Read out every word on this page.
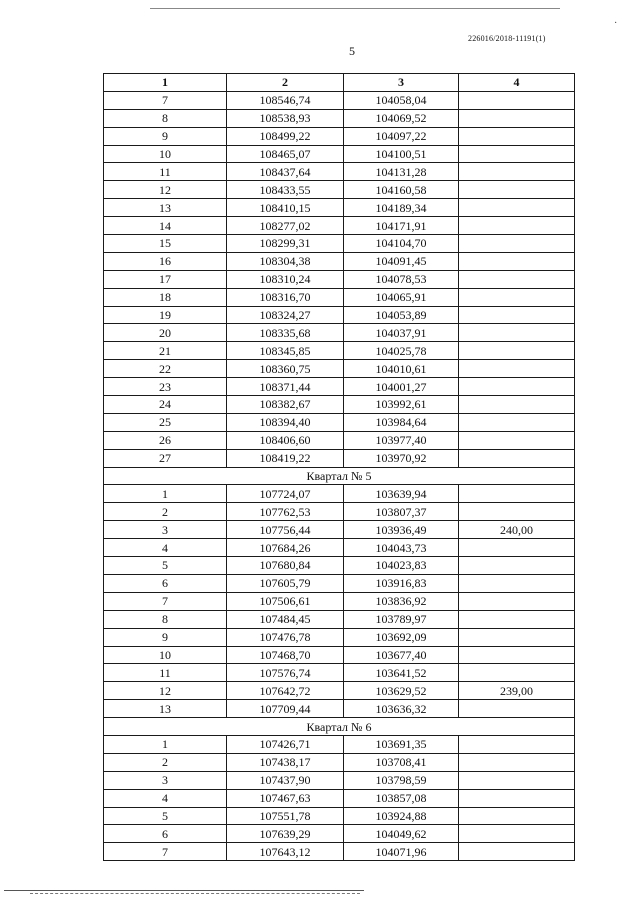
·
226016/2018-11191(1)
5
1	2	3	4
7	108546,74	104058,04	
8	108538,93	104069,52	
9	108499,22	104097,22	
10	108465,07	104100,51	
11	108437,64	104131,28	
12	108433,55	104160,58	
13	108410,15	104189,34	
14	108277,02	104171,91	
15	108299,31	104104,70	
16	108304,38	104091,45	
17	108310,24	104078,53	
18	108316,70	104065,91	
19	108324,27	104053,89	
20	108335,68	104037,91	
21	108345,85	104025,78	
22	108360,75	104010,61	
23	108371,44	104001,27	
24	108382,67	103992,61	
25	108394,40	103984,64	
26	108406,60	103977,40	
27	108419,22	103970,92	
Квартал № 5			
1	107724,07	103639,94	
2	107762,53	103807,37	
3	107756,44	103936,49	240,00
4	107684,26	104043,73	
5	107680,84	104023,83	
6	107605,79	103916,83	
7	107506,61	103836,92	
8	107484,45	103789,97	
9	107476,78	103692,09	
10	107468,70	103677,40	
11	107576,74	103641,52	
12	107642,72	103629,52	239,00
13	107709,44	103636,32	
Квартал № 6			
1	107426,71	103691,35	
2	107438,17	103708,41	
3	107437,90	103798,59	
4	107467,63	103857,08	
5	107551,78	103924,88	
6	107639,29	104049,62	
7	107643,12	104071,96	
